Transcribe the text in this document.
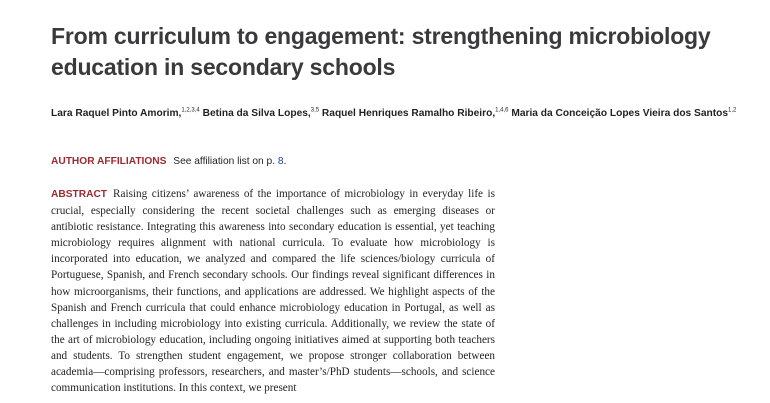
From curriculum to engagement: strengthening microbiology education in secondary schools

Lara Raquel Pinto Amorim,$^{1,2,3,4}$ Betina da Silva Lopes,$^{3,5}$ Raquel Henriques Ramalho Ribeiro,$^{1,4,6}$ Maria da Conceição Lopes Vieira dos Santos$^{1,2}$

AUTHOR AFFILIATIONS See affiliation list on p. 8.

ABSTRACT Raising citizens’ awareness of the importance of microbiology in everyday life is crucial, especially considering the recent societal challenges such as emerging diseases or antibiotic resistance. Integrating this awareness into secondary education is essential, yet teaching microbiology requires alignment with national curricula. To evaluate how microbiology is incorporated into education, we analyzed and compared the life sciences/biology curricula of Portuguese, Spanish, and French secondary schools. Our findings reveal significant differences in how microorganisms, their functions, and applications are addressed. We highlight aspects of the Spanish and French curricula that could enhance microbiology education in Portugal, as well as challenges in including microbiology into existing curricula. Additionally, we review the state of the art of microbiology education, including ongoing initiatives aimed at supporting both teachers and students. To strengthen student engagement, we propose stronger collaboration between academia—comprising professors, researchers, and master’s/PhD students—schools, and science communication institutions. In this context, we present
